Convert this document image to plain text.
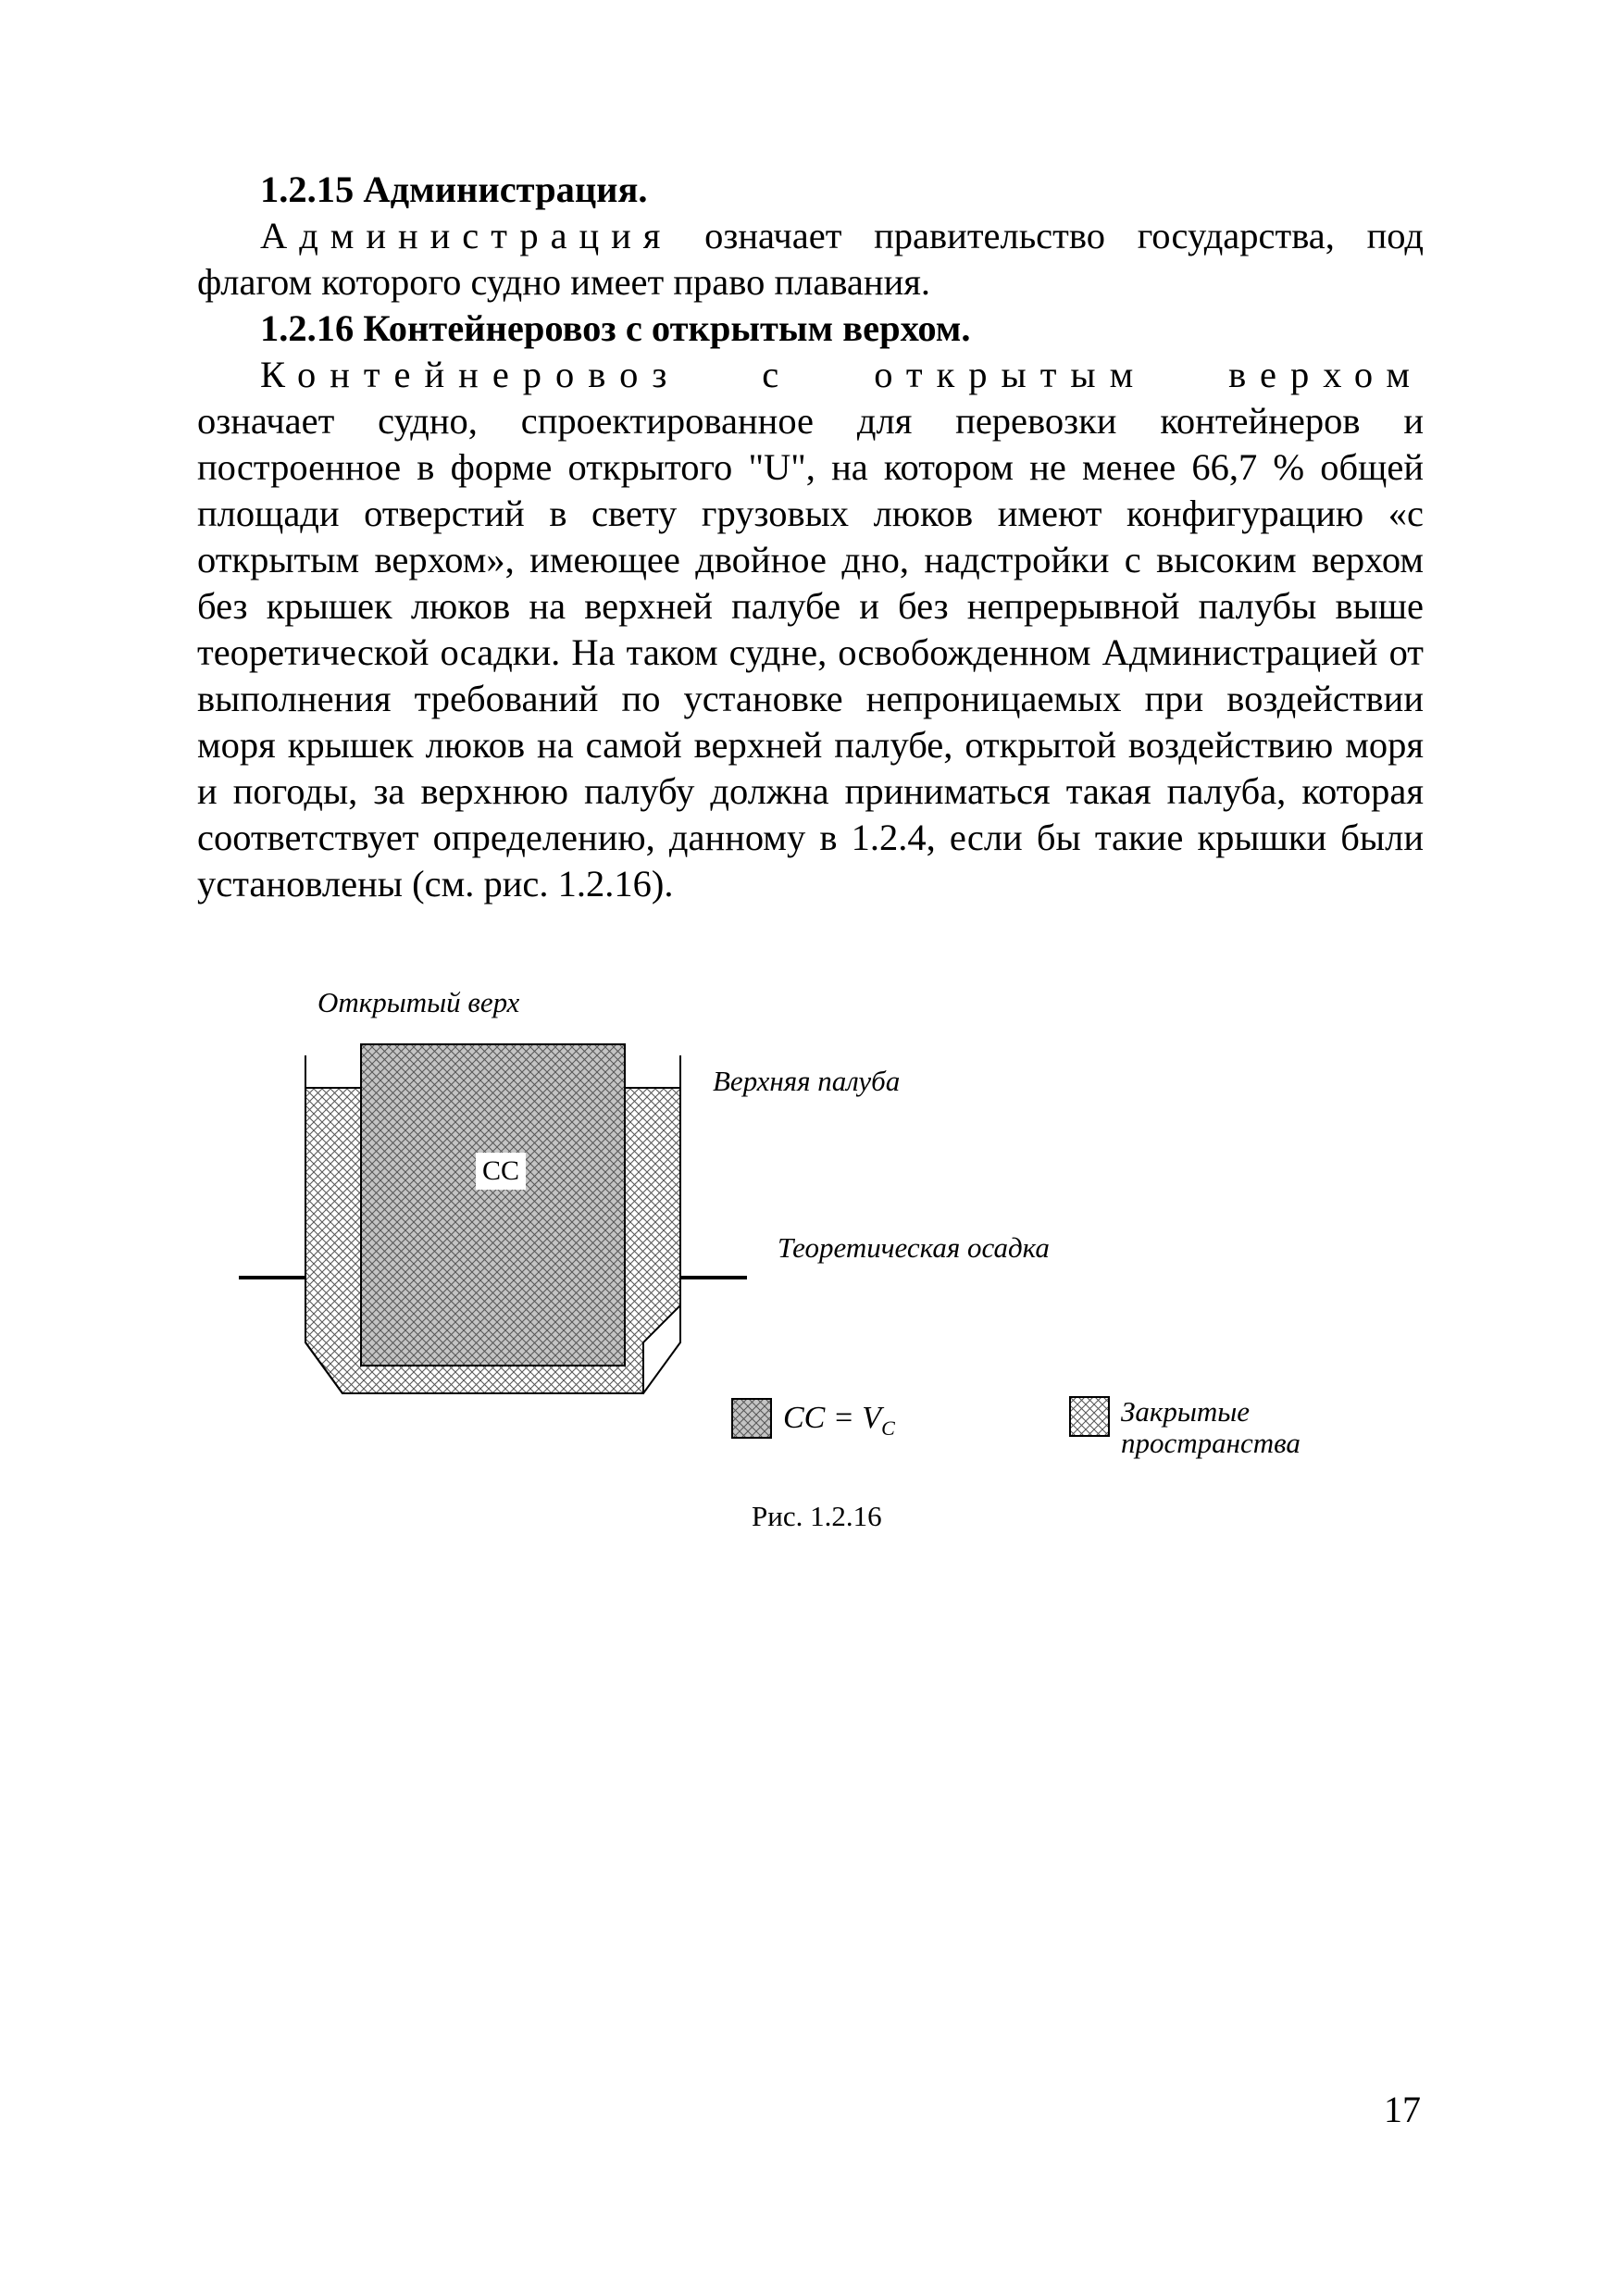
1.2.15 Администрация.

Администрация означает правительство государства, под флагом которого судно имеет право плавания.

1.2.16 Контейнеровоз с открытым верхом.

Контейнеровоз с открытым верхом означает судно, спроектированное для перевозки контейнеров и построенное в форме открытого "U", на котором не менее 66,7 % общей площади отверстий в свету грузовых люков имеют конфигурацию «с открытым верхом», имеющее двойное дно, надстройки с высоким верхом без крышек люков на верхней палубе и без непрерывной палубы выше теоретической осадки. На таком судне, освобожденном Администрацией от выполнения требований по установке непроницаемых при воздействии моря крышек люков на самой верхней палубе, открытой воздействию моря и погоды, за верхнюю палубу должна приниматься такая палуба, которая соответствует определению, данному в 1.2.4, если бы такие крышки были установлены (см. рис. 1.2.16).

Открытый верх
Верхняя палуба
Теоретическая осадка
CC
CC = $V_C$
Закрытые пространства
Рис. 1.2.16
17
